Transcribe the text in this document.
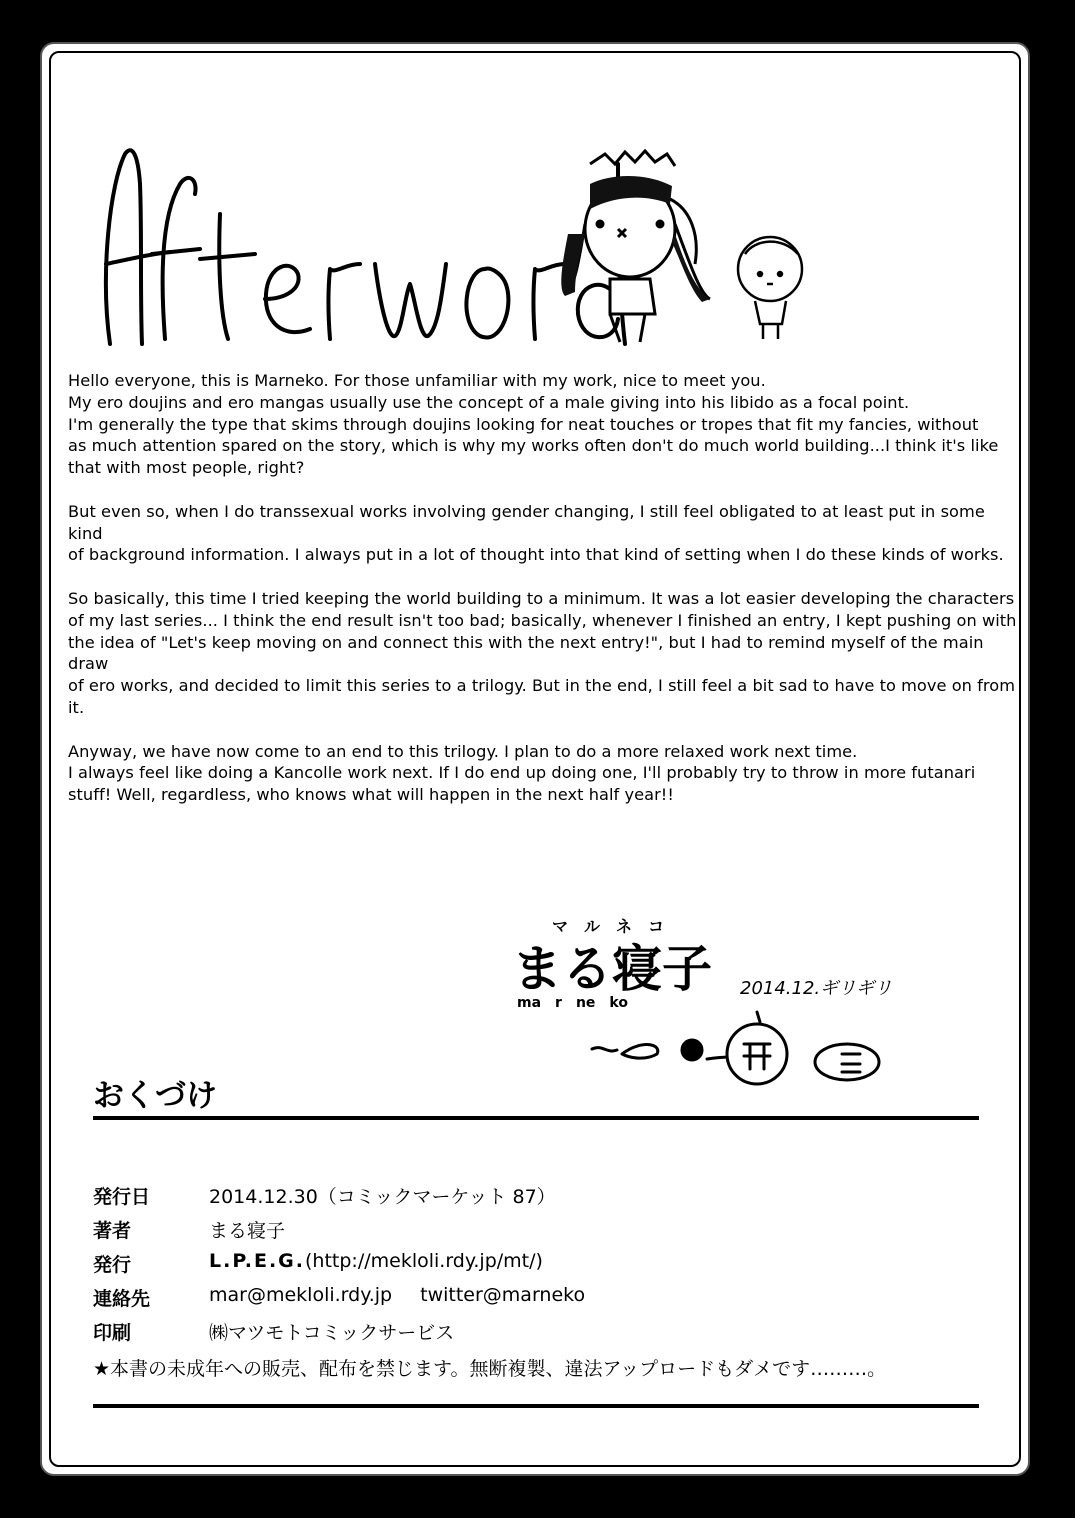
Hello everyone, this is Marneko. For those unfamiliar with my work, nice to meet you.
My ero doujins and ero mangas usually use the concept of a male giving into his libido as a focal point.
I'm generally the type that skims through doujins looking for neat touches or tropes that fit my fancies, without
as much attention spared on the story, which is why my works often don't do much world building...I think it's like
that with most people, right?

But even so, when I do transsexual works involving gender changing, I still feel obligated to at least put in some kind
of background information. I always put in a lot of thought into that kind of setting when I do these kinds of works.

So basically, this time I tried keeping the world building to a minimum. It was a lot easier developing the characters
of my last series... I think the end result isn't too bad; basically, whenever I finished an entry, I kept pushing on with
the idea of "Let's keep moving on and connect this with the next entry!", but I had to remind myself of the main draw
of ero works, and decided to limit this series to a trilogy. But in the end, I still feel a bit sad to have to move on from it.

Anyway, we have now come to an end to this trilogy. I plan to do a more relaxed work next time.
I always feel like doing a Kancolle work next. If I do end up doing one, I'll probably try to throw in more futanari
stuff! Well, regardless, who knows what will happen in the next half year!!

マ　ル　ネ　コ
まる寝子
ma　r　ne　ko
2014.12.ギリギリ
おくづけ
発行日	2014.12.30（コミックマーケット 87）
著者	まる寝子
発行	L.P.E.G.(http://mekloli.rdy.jp/mt/)
連絡先	mar@mekloli.rdy.jp twitter@marneko
印刷	㈱マツモトコミックサービス
★本書の未成年への販売、配布を禁じます。無断複製、違法アップロードもダメです………。
